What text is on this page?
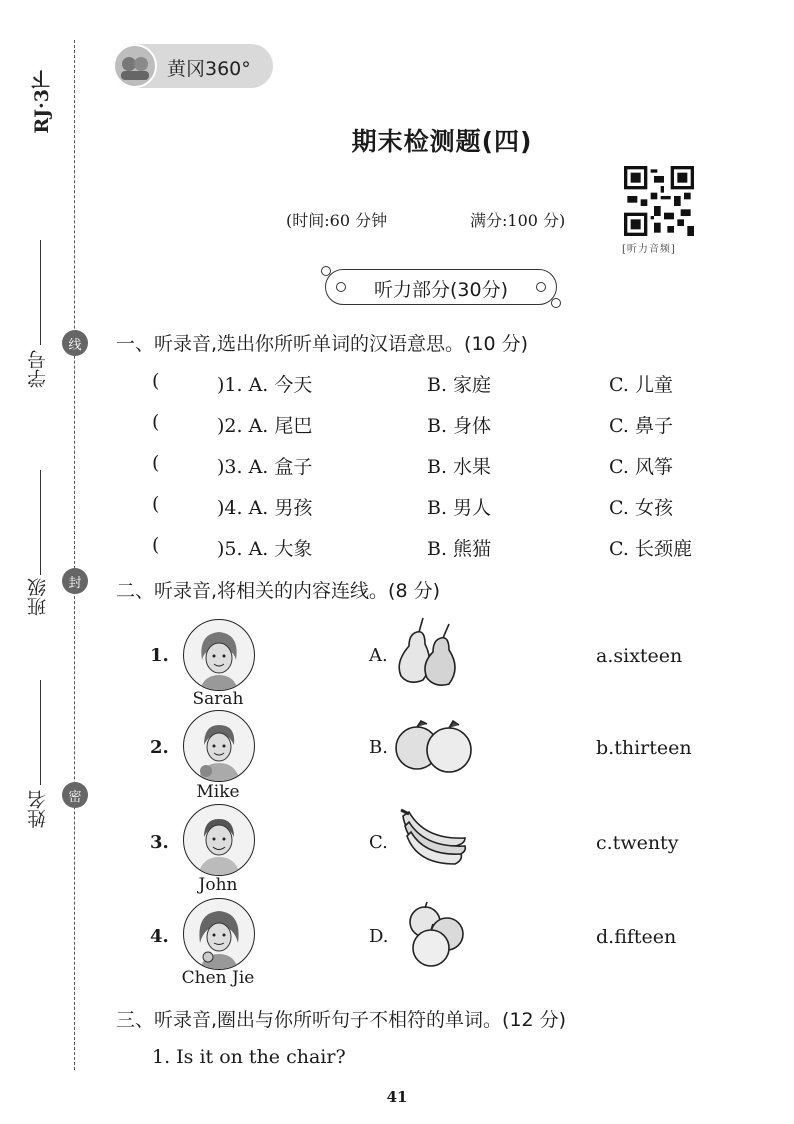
RJ·3下
学号
班级
姓名
线
封
密
黄冈360°
期末检测题(四)
(时间:60 分钟	满分:100 分)
[听力音频]
听力部分(30分)
一、听录音,选出你所听单词的汉语意思。(10 分)
(	)1. A. 今天	B. 家庭	C. 儿童
(	)2. A. 尾巴	B. 身体	C. 鼻子
(	)3. A. 盒子	B. 水果	C. 风筝
(	)4. A. 男孩	B. 男人	C. 女孩
(	)5. A. 大象	B. 熊猫	C. 长颈鹿
二、听录音,将相关的内容连线。(8 分)
1.
Sarah
A.	a.sixteen
2.
Mike
B.	b.thirteen
3.
John
C.	c.twenty
4.
Chen Jie
D.	d.fifteen
三、听录音,圈出与你所听句子不相符的单词。(12 分)
1. Is it on the chair?
41
